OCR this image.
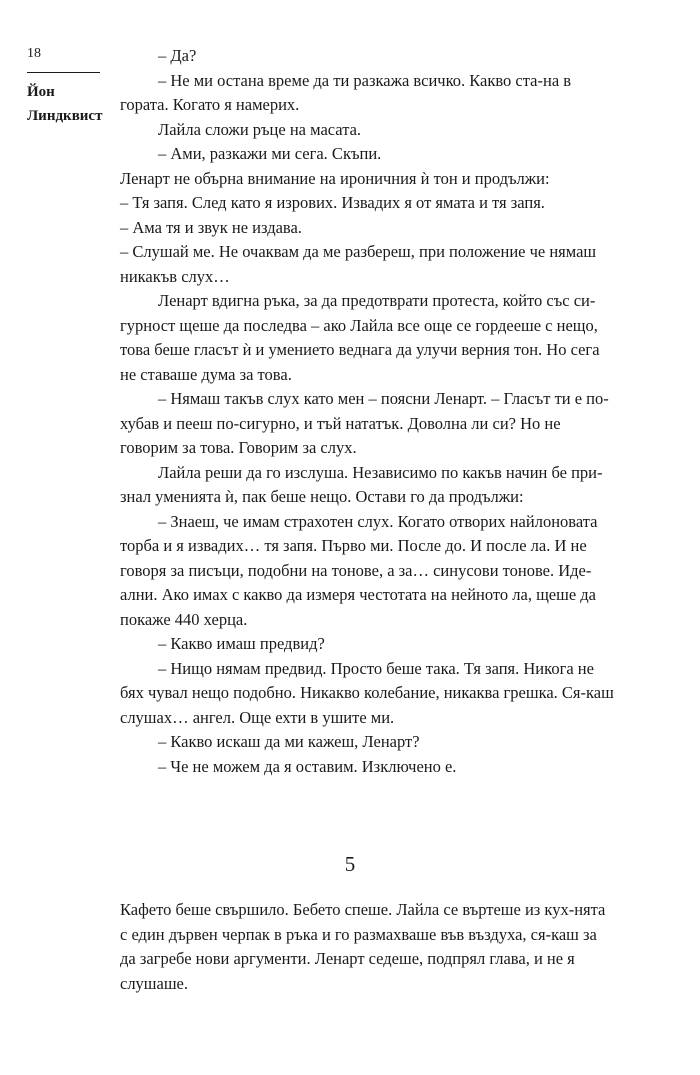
18

Йон
Линдквист

– Да?

– Не ми остана време да ти разкажа всичко. Какво ста-на в гората. Когато я намерих.

Лайла сложи ръце на масата.

– Ами, разкажи ми сега. Скъпи.

Ленарт не обърна внимание на ироничния ѝ тон и продължи:

– Тя запя. След като я изрових. Извадих я от ямата и тя запя.

– Ама тя и звук не издава.

– Слушай ме. Не очаквам да ме разбереш, при положение че нямаш никакъв слух…

Ленарт вдигна ръка, за да предотврати протеста, който със си-гурност щеше да последва – ако Лайла все още се гордееше с нещо, това беше гласът ѝ и умението веднага да улучи верния тон. Но сега не ставаше дума за това.

– Нямаш такъв слух като мен – поясни Ленарт. – Гласът ти е по-хубав и пееш по-сигурно, и тъй нататък. Доволна ли си? Но не говорим за това. Говорим за слух.

Лайла реши да го изслуша. Независимо по какъв начин бе при-знал уменията ѝ, пак беше нещо. Остави го да продължи:

– Знаеш, че имам страхотен слух. Когато отворих найлоновата торба и я извадих… тя запя. Първо ми. После до. И после ла. И не говоря за писъци, подобни на тонове, а за… синусови тонове. Иде-ални. Ако имах с какво да измеря честотата на нейното ла, щеше да покаже 440 херца.

– Какво имаш предвид?

– Нищо нямам предвид. Просто беше така. Тя запя. Никога не бях чувал нещо подобно. Никакво колебание, никаква грешка. Ся-каш слушах… ангел. Още ехти в ушите ми.

– Какво искаш да ми кажеш, Ленарт?

– Че не можем да я оставим. Изключено е.

5

Кафето беше свършило. Бебето спеше. Лайла се въртеше из кух-нята с един дървен черпак в ръка и го размахваше във въздуха, ся-каш за да загребе нови аргументи. Ленарт седеше, подпрял глава, и не я слушаше.
